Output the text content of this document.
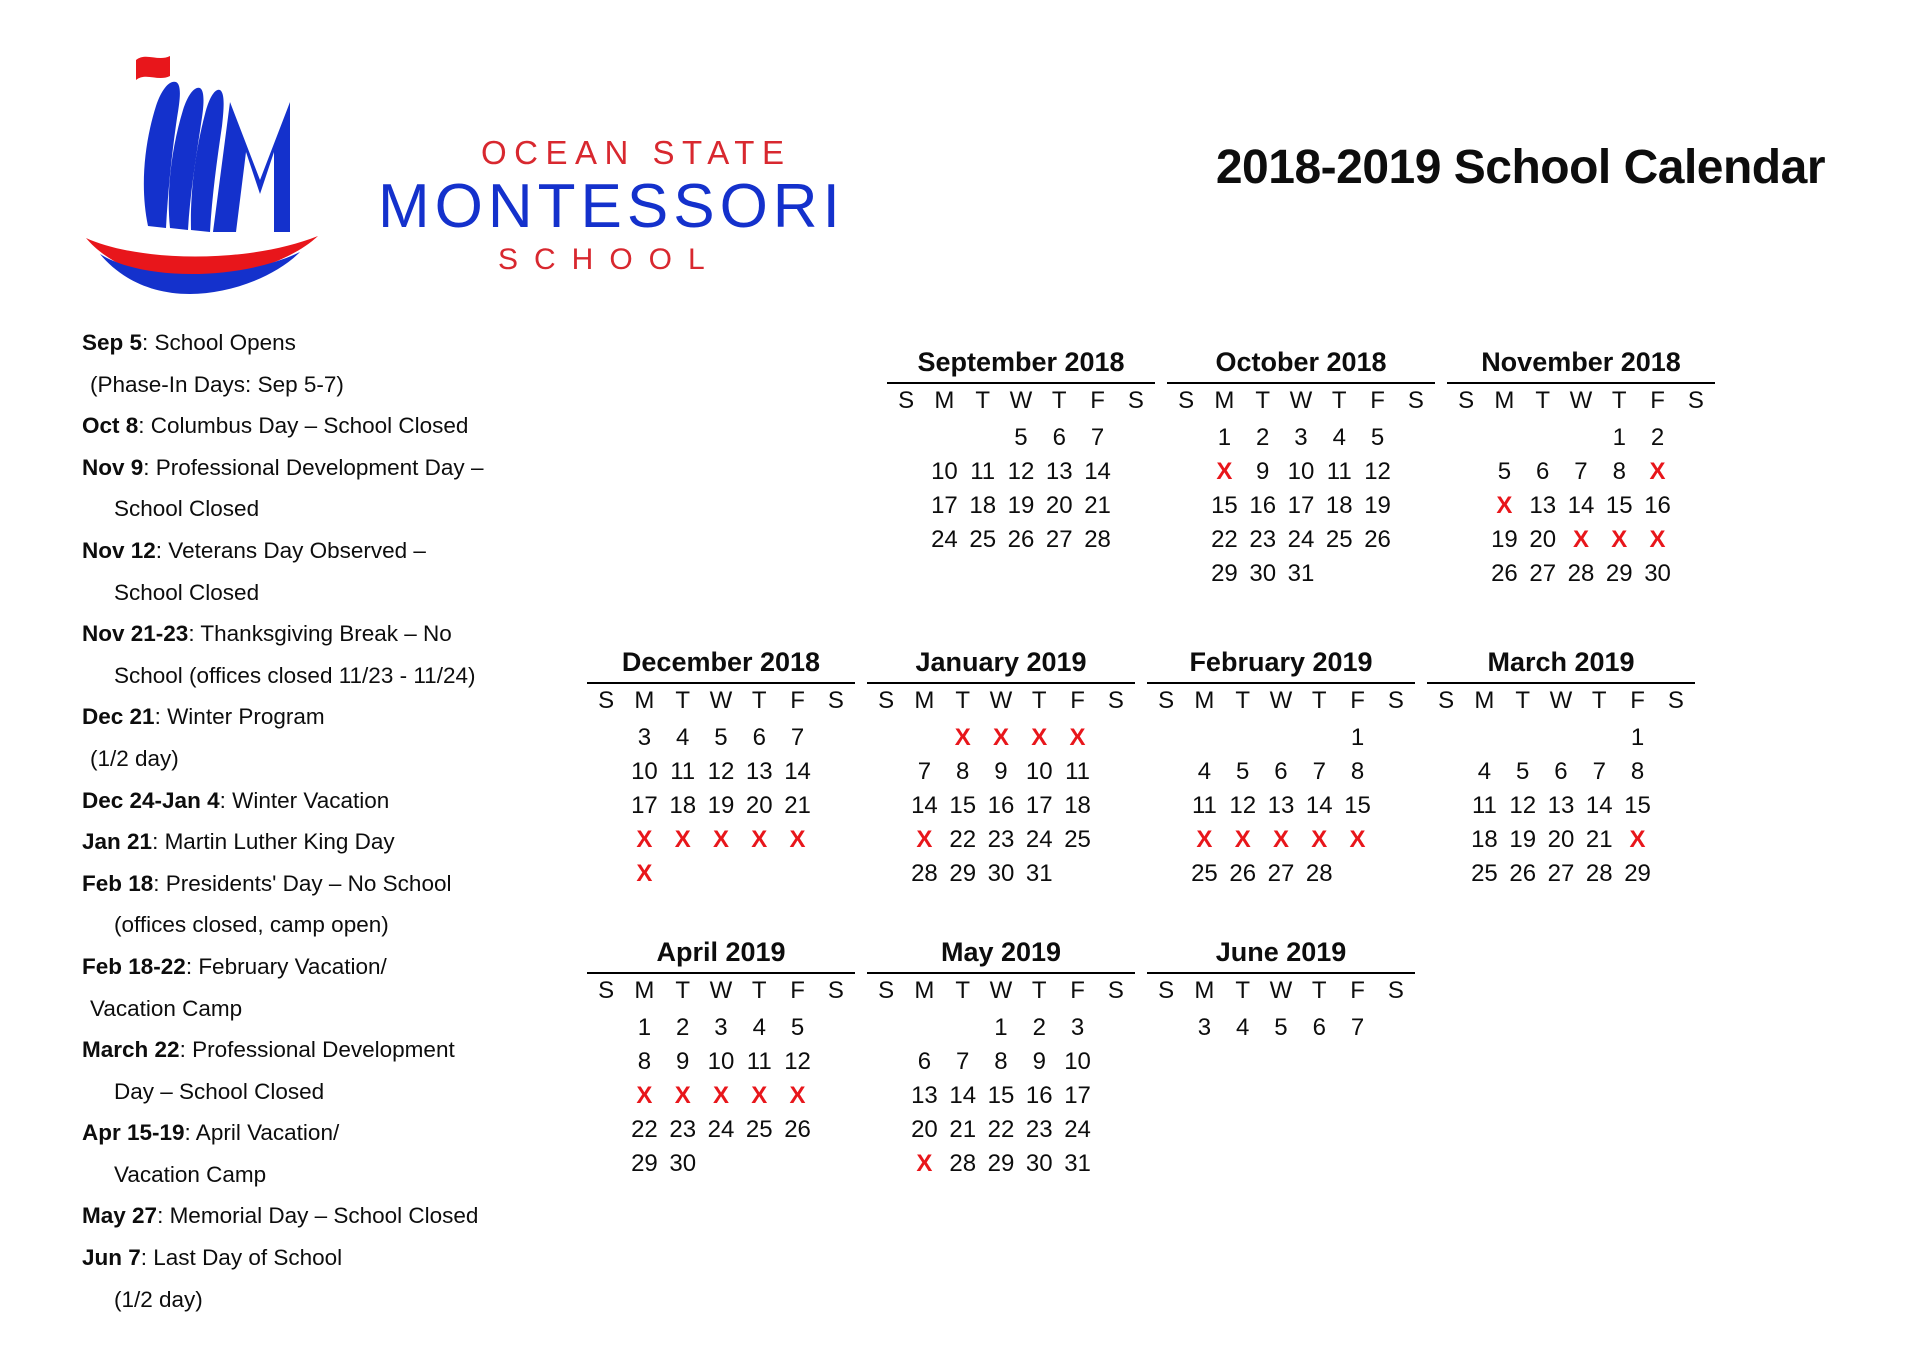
OCEAN STATE
MONTESSORI
SCHOOL
2018-2019 School Calendar
Sep 5: School Opens
(Phase-In Days: Sep 5-7)
Oct 8: Columbus Day – School Closed
Nov 9: Professional Development Day –
School Closed
Nov 12: Veterans Day Observed –
School Closed
Nov 21-23: Thanksgiving Break – No
School (offices closed 11/23 - 11/24)
Dec 21: Winter Program
(1/2 day)
Dec 24-Jan 4: Winter Vacation
Jan 21: Martin Luther King Day
Feb 18: Presidents' Day – No School
(offices closed, camp open)
Feb 18-22: February Vacation/
Vacation Camp
March 22: Professional Development
Day – School Closed
Apr 15-19: April Vacation/
Vacation Camp
May 27: Memorial Day – School Closed
Jun 7: Last Day of School
(1/2 day)
September 2018
S	M	T	W	T	F	S
			5	6	7	
	10	11	12	13	14	
	17	18	19	20	21	
	24	25	26	27	28	
October 2018
S	M	T	W	T	F	S
	1	2	3	4	5	
	X	9	10	11	12	
	15	16	17	18	19	
	22	23	24	25	26	
	29	30	31			
November 2018
S	M	T	W	T	F	S
				1	2	
	5	6	7	8	X	
	X	13	14	15	16	
	19	20	X	X	X	
	26	27	28	29	30	
December 2018
S	M	T	W	T	F	S
	3	4	5	6	7	
	10	11	12	13	14	
	17	18	19	20	21	
	X	X	X	X	X	
	X					
January 2019
S	M	T	W	T	F	S
		X	X	X	X	
	7	8	9	10	11	
	14	15	16	17	18	
	X	22	23	24	25	
	28	29	30	31		
February 2019
S	M	T	W	T	F	S
					1	
	4	5	6	7	8	
	11	12	13	14	15	
	X	X	X	X	X	
	25	26	27	28		
March 2019
S	M	T	W	T	F	S
					1	
	4	5	6	7	8	
	11	12	13	14	15	
	18	19	20	21	X	
	25	26	27	28	29	
April 2019
S	M	T	W	T	F	S
	1	2	3	4	5	
	8	9	10	11	12	
	X	X	X	X	X	
	22	23	24	25	26	
	29	30				
May 2019
S	M	T	W	T	F	S
			1	2	3	
	6	7	8	9	10	
	13	14	15	16	17	
	20	21	22	23	24	
	X	28	29	30	31	
June 2019
S	M	T	W	T	F	S
	3	4	5	6	7	
